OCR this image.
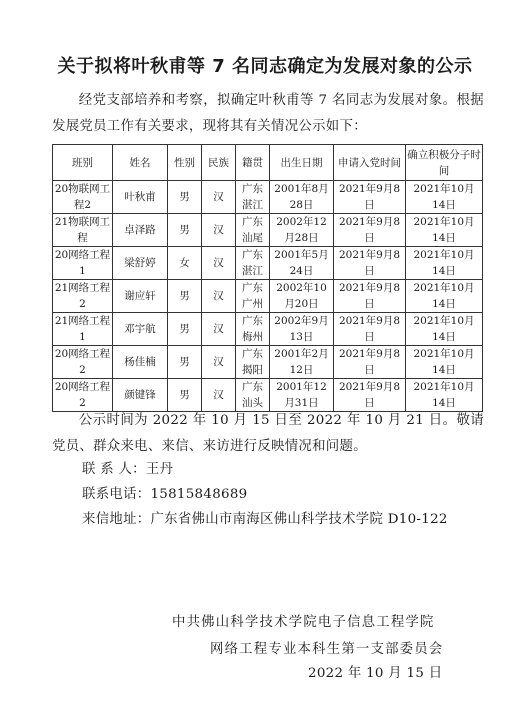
关于拟将叶秋甫等 7 名同志确定为发展对象的公示
经党支部培养和考察，拟确定叶秋甫等 7 名同志为发展对象。根据发展党员工作有关要求，现将其有关情况公示如下：
班别	姓名	性别	民族	籍贯	出生日期	申请入党时间	确立积极分子时间
20物联网工程2	叶秋甫	男	汉	广东湛江	2001年8月28日	2021年9月8日	2021年10月14日
21物联网工程	卓泽路	男	汉	广东汕尾	2002年12月28日	2021年9月8日	2021年10月14日
20网络工程1	梁舒婷	女	汉	广东湛江	2001年5月24日	2021年9月8日	2021年10月14日
21网络工程2	谢应轩	男	汉	广东广州	2002年10月20日	2021年9月8日	2021年10月14日
21网络工程1	邓宇航	男	汉	广东梅州	2002年9月13日	2021年9月8日	2021年10月14日
20网络工程2	杨佳楠	男	汉	广东揭阳	2001年2月12日	2021年9月8日	2021年10月14日
20网络工程2	颜键锋	男	汉	广东汕头	2001年12月31日	2021年9月8日	2021年10月14日
公示时间为 2022 年 10 月 15 日至 2022 年 10 月 21 日。敬请党员、群众来电、来信、来访进行反映情况和问题。
联 系 人：王丹
联系电话：15815848689
来信地址：广东省佛山市南海区佛山科学技术学院 D10-122
中共佛山科学技术学院电子信息工程学院
网络工程专业本科生第一支部委员会
2022 年 10 月 15 日
